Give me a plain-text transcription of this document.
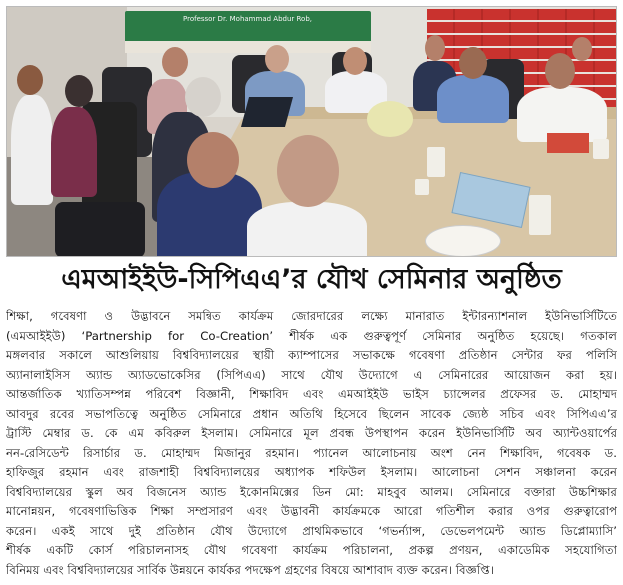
Professor Dr. Mohammad Abdur Rob,
এমআইইউ-সিপিএএ’র যৌথ সেমিনার অনুষ্ঠিত
শিক্ষা, গবেষণা ও উদ্ভাবনে সমন্বিত কার্যক্রম জোরদারের লক্ষ্যে মানারাত ইন্টারন্যাশনাল ইউনিভার্সিটিতে
(এমআইইউ) ‘Partnership for Co-Creation’ শীর্ষক এক গুরুত্বপূর্ণ সেমিনার অনুষ্ঠিত হয়েছে। গতকাল
মঙ্গলবার সকালে আশুলিয়ায় বিশ্ববিদ্যালয়ের স্থায়ী ক্যাম্পাসের সভাকক্ষে গবেষণা প্রতিষ্ঠান সেন্টার ফর পলিসি
অ্যানালাইসিস অ্যান্ড অ্যাডভোকেসির (সিপিএএ) সাথে যৌথ উদ্যোগে এ সেমিনারের আয়োজন করা হয়।
আন্তর্জাতিক খ্যাতিসম্পন্ন পরিবেশ বিজ্ঞানী, শিক্ষাবিদ এবং এমআইইউ ভাইস চ্যান্সেলর প্রফেসর ড. মোহাম্মদ
আবদুর রবের সভাপতিত্বে অনুষ্ঠিত সেমিনারে প্রধান অতিথি হিসেবে ছিলেন সাবেক জ্যেষ্ঠ সচিব এবং সিপিএএ’র
ট্রাস্টি মেম্বার ড. কে এম কবিরুল ইসলাম। সেমিনারে মূল প্রবন্ধ উপস্থাপন করেন ইউনিভার্সিটি অব অ্যান্টওয়ার্পের
নন-রেসিডেন্ট রিসার্চার ড. মোহাম্মদ মিজানুর রহমান। প্যানেল আলোচনায় অংশ নেন শিক্ষাবিদ, গবেষক ড.
হাফিজুর রহমান এবং রাজশাহী বিশ্ববিদ্যালয়ের অধ্যাপক শফিউল ইসলাম। আলোচনা সেশন সঞ্চালনা করেন
বিশ্ববিদ্যালয়ের স্কুল অব বিজনেস অ্যান্ড ইকোনমিক্সের ডিন মো: মাহবুব আলম। সেমিনারে বক্তারা উচ্চশিক্ষার
মানোন্নয়ন, গবেষণাভিত্তিক শিক্ষা সম্প্রসারণ এবং উদ্ভাবনী কার্যক্রমকে আরো গতিশীল করার ওপর গুরুত্বারোপ
করেন। একই সাথে দুই প্রতিষ্ঠান যৌথ উদ্যোগে প্রাথমিকভাবে ‘গভর্ন্যান্স, ডেভেলপমেন্ট অ্যান্ড ডিপ্লোম্যাসি’
শীর্ষক একটি কোর্স পরিচালনাসহ যৌথ গবেষণা কার্যক্রম পরিচালনা, প্রকল্প প্রণয়ন, একাডেমিক সহযোগিতা
বিনিময় এবং বিশ্ববিদ্যালয়ের সার্বিক উন্নয়নে কার্যকর পদক্ষেপ গ্রহণের বিষয়ে আশাবাদ ব্যক্ত করেন। বিজ্ঞপ্তি।
